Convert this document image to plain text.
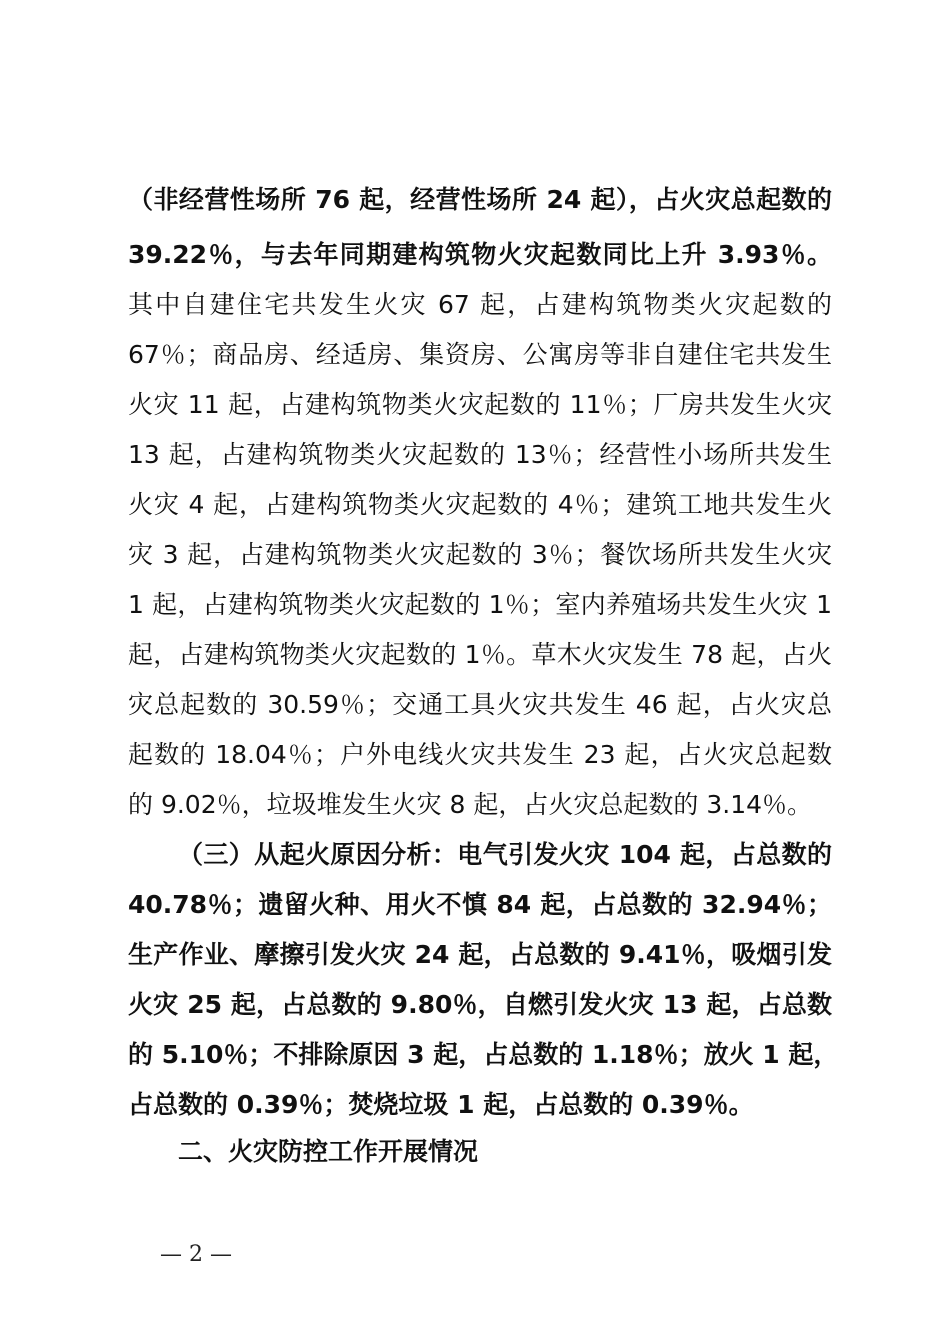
（非经营性场所 76 起，经营性场所 24 起），占火灾总起数的
39.22％，与去年同期建构筑物火灾起数同比上升 3.93％。
其中自建住宅共发生火灾 67 起，占建构筑物类火灾起数的
67％；商品房、经适房、集资房、公寓房等非自建住宅共发生
火灾 11 起，占建构筑物类火灾起数的 11％；厂房共发生火灾
13 起，占建构筑物类火灾起数的 13％；经营性小场所共发生
火灾 4 起，占建构筑物类火灾起数的 4％；建筑工地共发生火
灾 3 起，占建构筑物类火灾起数的 3％；餐饮场所共发生火灾
1 起，占建构筑物类火灾起数的 1％；室内养殖场共发生火灾 1
起，占建构筑物类火灾起数的 1％。草木火灾发生 78 起，占火
灾总起数的 30.59％；交通工具火灾共发生 46 起，占火灾总
起数的 18.04％；户外电线火灾共发生 23 起，占火灾总起数
的 9.02％，垃圾堆发生火灾 8 起，占火灾总起数的 3.14％。
（三）从起火原因分析：电气引发火灾 104 起，占总数的
40.78％；遗留火种、用火不慎 84 起，占总数的 32.94％；
生产作业、摩擦引发火灾 24 起，占总数的 9.41％，吸烟引发
火灾 25 起，占总数的 9.80％，自燃引发火灾 13 起，占总数
的 5.10％；不排除原因 3 起，占总数的 1.18％；放火 1 起，
占总数的 0.39％；焚烧垃圾 1 起，占总数的 0.39％。
二、火灾防控工作开展情况
— 2 —
